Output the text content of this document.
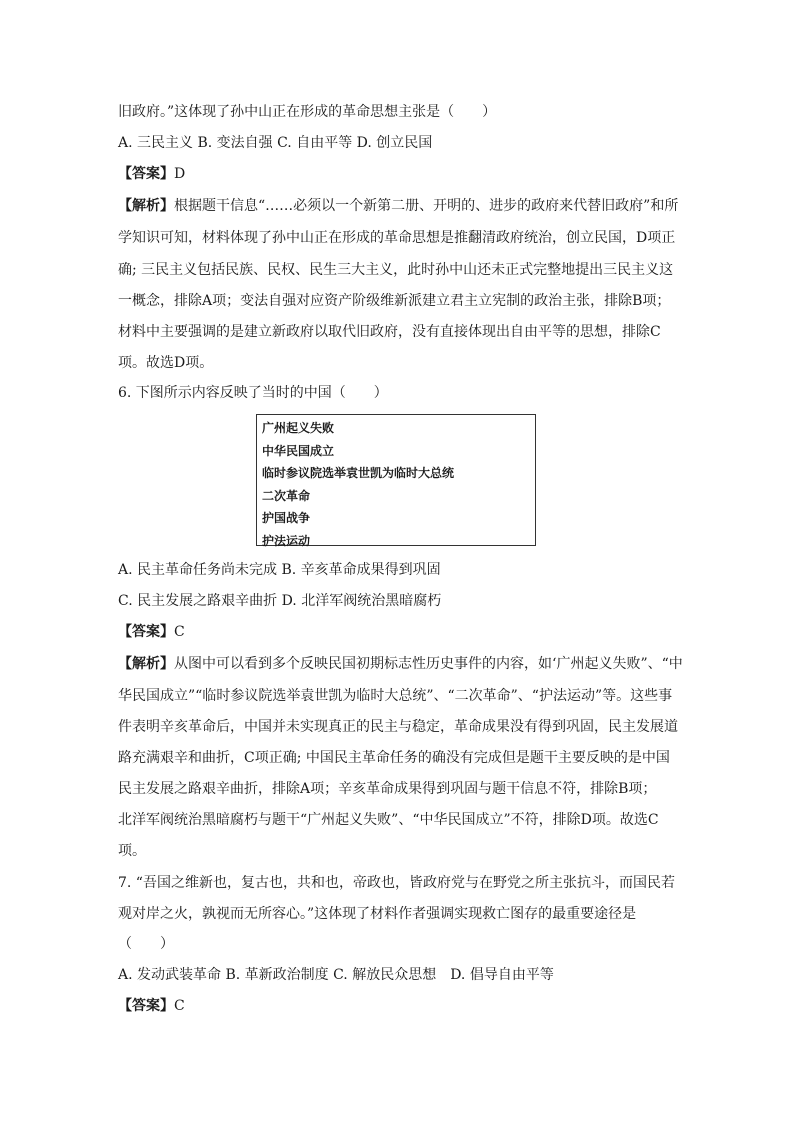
旧政府。”这体现了孙中山正在形成的革命思想主张是（　　）
A. 三民主义 B. 变法自强 C. 自由平等 D. 创立民国
【答案】D
【解析】根据题干信息“……必须以一个新第二册、开明的、进步的政府来代替旧政府”和所
学知识可知，材料体现了孙中山正在形成的革命思想是推翻清政府统治，创立民国，D项正
确; 三民主义包括民族、民权、民生三大主义，此时孙中山还未正式完整地提出三民主义这
一概念，排除A项；变法自强对应资产阶级维新派建立君主立宪制的政治主张，排除B项；
材料中主要强调的是建立新政府以取代旧政府，没有直接体现出自由平等的思想，排除C
项。故选D项。
6. 下图所示内容反映了当时的中国（　　）
广州起义失败
中华民国成立
临时参议院选举袁世凯为临时大总统
二次革命
护国战争
护法运动
A. 民主革命任务尚未完成 B. 辛亥革命成果得到巩固
C. 民主发展之路艰辛曲折 D. 北洋军阀统治黑暗腐朽
【答案】C
【解析】从图中可以看到多个反映民国初期标志性历史事件的内容，如‘广州起义失败”、“中
华民国成立”“临时参议院选举袁世凯为临时大总统”、“二次革命”、“护法运动”等。这些事
件表明辛亥革命后，中国并未实现真正的民主与稳定，革命成果没有得到巩固，民主发展道
路充满艰辛和曲折，C项正确; 中国民主革命任务的确没有完成但是题干主要反映的是中国
民主发展之路艰辛曲折，排除A项；辛亥革命成果得到巩固与题干信息不符，排除B项；
北洋军阀统治黑暗腐朽与题干“广州起义失败”、“中华民国成立”不符，排除D项。故选C
项。
7. “吾国之维新也，复古也，共和也，帝政也，皆政府党与在野党之所主张抗斗，而国民若
观对岸之火，孰视而无所容心。”这体现了材料作者强调实现救亡图存的最重要途径是
（　　）
A. 发动武装革命 B. 革新政治制度 C. 解放民众思想　D. 倡导自由平等
【答案】C
